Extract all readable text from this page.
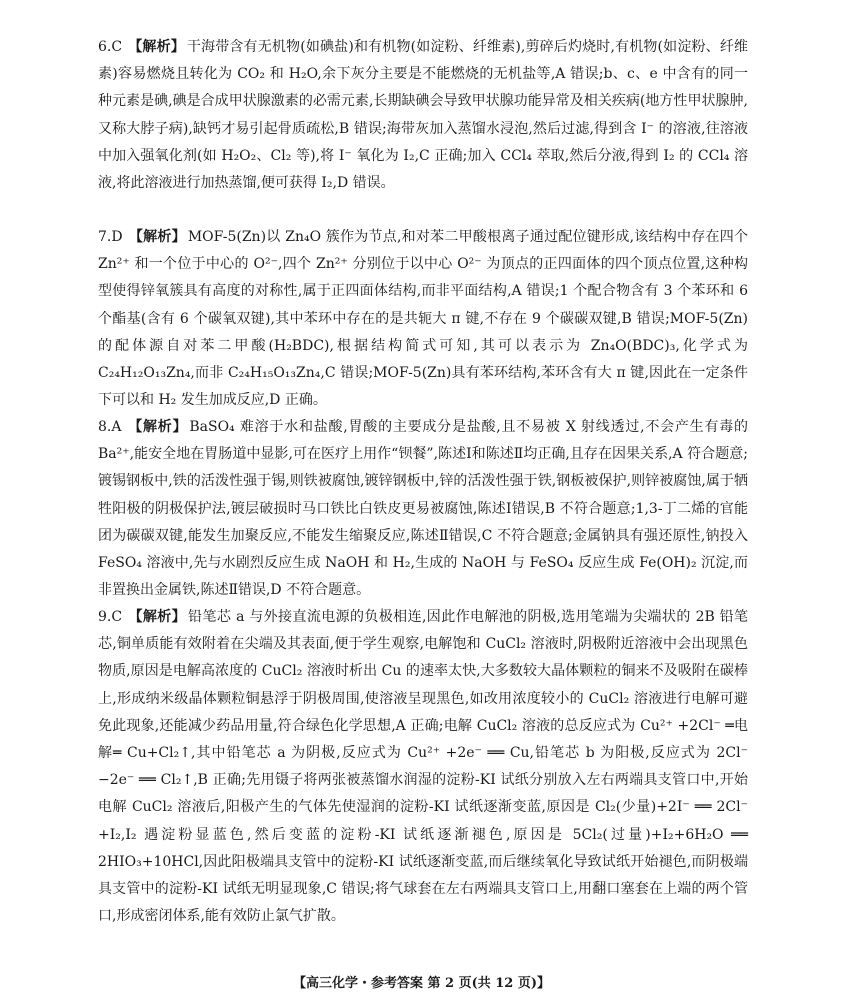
6.C 【解析】 干海带含有无机物(如碘盐)和有机物(如淀粉、纤维素),剪碎后灼烧时,有机物(如淀粉、纤维素)容易燃烧且转化为 CO₂ 和 H₂O,余下灰分主要是不能燃烧的无机盐等,A 错误;b、c、e 中含有的同一种元素是碘,碘是合成甲状腺激素的必需元素,长期缺碘会导致甲状腺功能异常及相关疾病(地方性甲状腺肿,又称大脖子病),缺钙才易引起骨质疏松,B 错误;海带灰加入蒸馏水浸泡,然后过滤,得到含 I⁻ 的溶液,往溶液中加入强氧化剂(如 H₂O₂、Cl₂ 等),将 I⁻ 氧化为 I₂,C 正确;加入 CCl₄ 萃取,然后分液,得到 I₂ 的 CCl₄ 溶液,将此溶液进行加热蒸馏,便可获得 I₂,D 错误。
7.D 【解析】 MOF-5(Zn)以 Zn₄O 簇作为节点,和对苯二甲酸根离子通过配位键形成,该结构中存在四个 Zn²⁺ 和一个位于中心的 O²⁻,四个 Zn²⁺ 分别位于以中心 O²⁻ 为顶点的正四面体的四个顶点位置,这种构型使得锌氧簇具有高度的对称性,属于正四面体结构,而非平面结构,A 错误;1 个配合物含有 3 个苯环和 6 个酯基(含有 6 个碳氧双键),其中苯环中存在的是共轭大 π 键,不存在 9 个碳碳双键,B 错误;MOF-5(Zn)的配体源自对苯二甲酸(H₂BDC),根据结构简式可知,其可以表示为 Zn₄O(BDC)₃,化学式为 C₂₄H₁₂O₁₃Zn₄,而非 C₂₄H₁₅O₁₃Zn₄,C 错误;MOF-5(Zn)具有苯环结构,苯环含有大 π 键,因此在一定条件下可以和 H₂ 发生加成反应,D 正确。
8.A 【解析】 BaSO₄ 难溶于水和盐酸,胃酸的主要成分是盐酸,且不易被 X 射线透过,不会产生有毒的 Ba²⁺,能安全地在胃肠道中显影,可在医疗上用作“钡餐”,陈述Ⅰ和陈述Ⅱ均正确,且存在因果关系,A 符合题意;镀锡钢板中,铁的活泼性强于锡,则铁被腐蚀,镀锌钢板中,锌的活泼性强于铁,钢板被保护,则锌被腐蚀,属于牺牲阳极的阴极保护法,镀层破损时马口铁比白铁皮更易被腐蚀,陈述Ⅰ错误,B 不符合题意;1,3-丁二烯的官能团为碳碳双键,能发生加聚反应,不能发生缩聚反应,陈述Ⅱ错误,C 不符合题意;金属钠具有强还原性,钠投入 FeSO₄ 溶液中,先与水剧烈反应生成 NaOH 和 H₂,生成的 NaOH 与 FeSO₄ 反应生成 Fe(OH)₂ 沉淀,而非置换出金属铁,陈述Ⅱ错误,D 不符合题意。
9.C 【解析】 铅笔芯 a 与外接直流电源的负极相连,因此作电解池的阴极,选用笔端为尖端状的 2B 铅笔芯,铜单质能有效附着在尖端及其表面,便于学生观察,电解饱和 CuCl₂ 溶液时,阴极附近溶液中会出现黑色物质,原因是电解高浓度的 CuCl₂ 溶液时析出 Cu 的速率太快,大多数较大晶体颗粒的铜来不及吸附在碳棒上,形成纳米级晶体颗粒铜悬浮于阴极周围,使溶液呈现黑色,如改用浓度较小的 CuCl₂ 溶液进行电解可避免此现象,还能减少药品用量,符合绿色化学思想,A 正确;电解 CuCl₂ 溶液的总反应式为 Cu²⁺ +2Cl⁻ ═电解═ Cu+Cl₂↑,其中铅笔芯 a 为阴极,反应式为 Cu²⁺ +2e⁻ ══ Cu,铅笔芯 b 为阳极,反应式为 2Cl⁻ −2e⁻ ══ Cl₂↑,B 正确;先用镊子将两张被蒸馏水润湿的淀粉-KI 试纸分别放入左右两端具支管口中,开始电解 CuCl₂ 溶液后,阳极产生的气体先使湿润的淀粉-KI 试纸逐渐变蓝,原因是 Cl₂(少量)+2I⁻ ══ 2Cl⁻ +I₂,I₂ 遇淀粉显蓝色,然后变蓝的淀粉-KI 试纸逐渐褪色,原因是 5Cl₂(过量)+I₂+6H₂O ══ 2HIO₃+10HCl,因此阳极端具支管中的淀粉-KI 试纸逐渐变蓝,而后继续氧化导致试纸开始褪色,而阴极端具支管中的淀粉-KI 试纸无明显现象,C 错误;将气球套在左右两端具支管口上,用翻口塞套在上端的两个管口,形成密闭体系,能有效防止氯气扩散。
【高三化学・参考答案 第 2 页(共 12 页)】
